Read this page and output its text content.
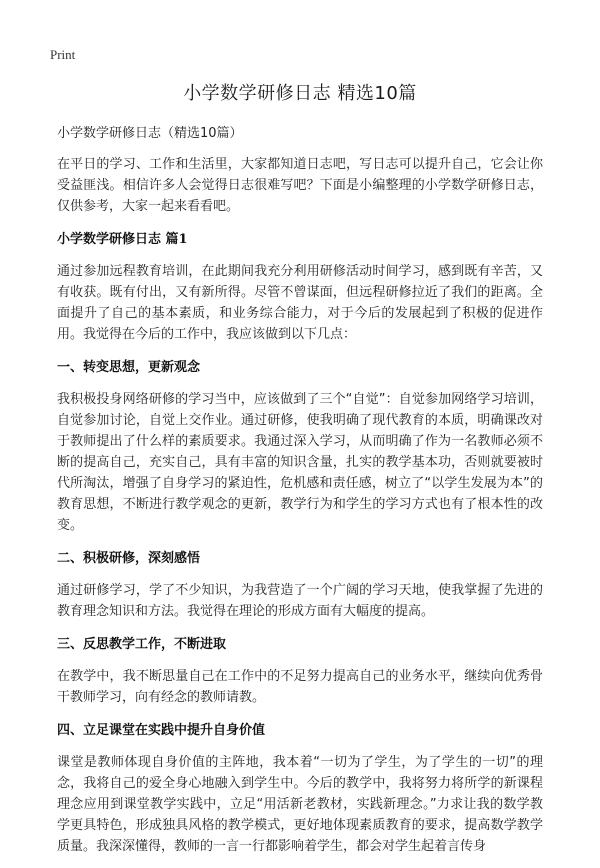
Print
小学数学研修日志 精选10篇
小学数学研修日志（精选10篇）

在平日的学习、工作和生活里，大家都知道日志吧，写日志可以提升自己，它会让你受益匪浅。相信许多人会觉得日志很难写吧？下面是小编整理的小学数学研修日志，仅供参考，大家一起来看看吧。

小学数学研修日志 篇1

通过参加远程教育培训，在此期间我充分利用研修活动时间学习，感到既有辛苦，又有收获。既有付出，又有新所得。尽管不曾谋面，但远程研修拉近了我们的距离。全面提升了自己的基本素质，和业务综合能力，对于今后的发展起到了积极的促进作用。我觉得在今后的工作中，我应该做到以下几点：

一、转变思想，更新观念

我积极投身网络研修的学习当中，应该做到了三个“自觉”：自觉参加网络学习培训，自觉参加讨论，自觉上交作业。通过研修，使我明确了现代教育的本质，明确课改对于教师提出了什么样的素质要求。我通过深入学习，从而明确了作为一名教师必须不断的提高自己，充实自己，具有丰富的知识含量，扎实的教学基本功，否则就要被时代所淘汰，增强了自身学习的紧迫性，危机感和责任感，树立了“以学生发展为本”的教育思想，不断进行教学观念的更新，教学行为和学生的学习方式也有了根本性的改变。

二、积极研修，深刻感悟

通过研修学习，学了不少知识，为我营造了一个广阔的学习天地，使我掌握了先进的教育理念知识和方法。我觉得在理论的形成方面有大幅度的提高。

三、反思教学工作，不断进取

在教学中，我不断思量自己在工作中的不足努力提高自己的业务水平，继续向优秀骨干教师学习，向有经念的教师请教。

四、立足课堂在实践中提升自身价值

课堂是教师体现自身价值的主阵地，我本着“一切为了学生，为了学生的一切”的理念，我将自己的爱全身心地融入到学生中。今后的教学中，我将努力将所学的新课程理念应用到课堂教学实践中，立足“用活新老教材，实践新理念。”力求让我的数学教学更具特色，形成独具风格的教学模式，更好地体现素质教育的要求，提高数学教学质量。我深深懂得，教师的一言一行都影响着学生，都会对学生起着言传身
